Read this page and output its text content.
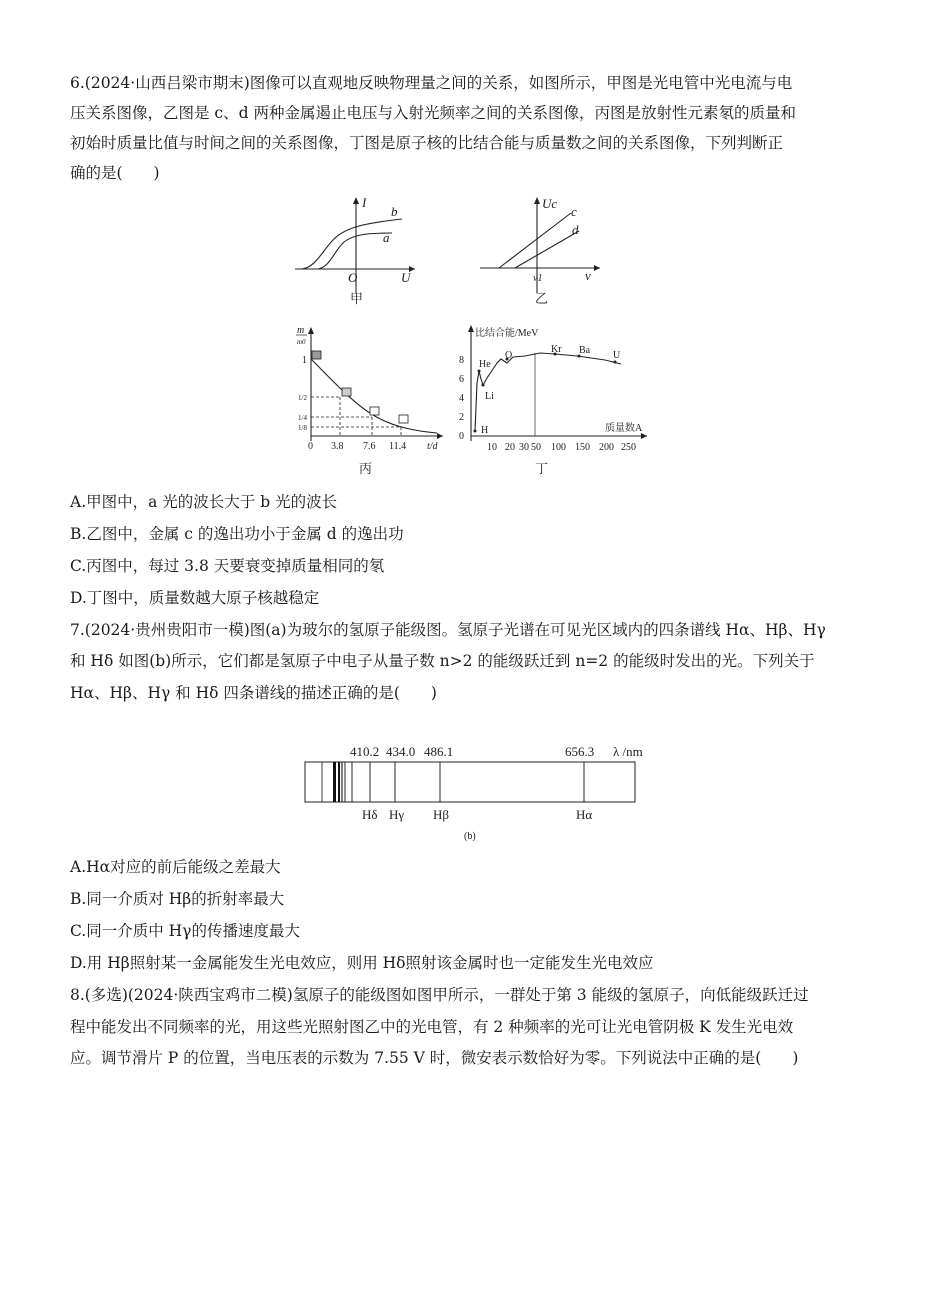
6.(2024·山西吕梁市期末)图像可以直观地反映物理量之间的关系，如图所示，甲图是光电管中光电流与电
压关系图像，乙图是 c、d 两种金属遏止电压与入射光频率之间的关系图像，丙图是放射性元素氡的质量和
初始时质量比值与时间之间的关系图像，丁图是原子核的比结合能与质量数之间的关系图像，下列判断正
确的是(　　)
I
U
O
b
a
甲
Uc
ν
ν1
c
d
乙
m
m0
1
1/2
1/4
1/8
0 3.8 7.6 11.4 t/d
丙
比结合能/MeV
8
6
4
2
0
He
O
Kr Ba U
Li
H	质量数A
10 20 30 50 100 150 200 250
丁
A.甲图中，a 光的波长大于 b 光的波长
B.乙图中，金属 c 的逸出功小于金属 d 的逸出功
C.丙图中，每过 3.8 天要衰变掉质量相同的氡
D.丁图中，质量数越大原子核越稳定
7.(2024·贵州贵阳市一模)图(a)为玻尔的氢原子能级图。氢原子光谱在可见光区域内的四条谱线 Hα、Hβ、Hγ
和 Hδ 如图(b)所示，它们都是氢原子中电子从量子数 n>2 的能级跃迁到 n=2 的能级时发出的光。下列关于
Hα、Hβ、Hγ 和 Hδ 四条谱线的描述正确的是(　　)
410.2 434.0 486.1	656.3 λ /nm
Hδ Hγ Hβ	Hα
(b)
A.Hα对应的前后能级之差最大
B.同一介质对 Hβ的折射率最大
C.同一介质中 Hγ的传播速度最大
D.用 Hβ照射某一金属能发生光电效应，则用 Hδ照射该金属时也一定能发生光电效应
8.(多选)(2024·陕西宝鸡市二模)氢原子的能级图如图甲所示，一群处于第 3 能级的氢原子，向低能级跃迁过
程中能发出不同频率的光，用这些光照射图乙中的光电管，有 2 种频率的光可让光电管阴极 K 发生光电效
应。调节滑片 P 的位置，当电压表的示数为 7.55 V 时，微安表示数恰好为零。下列说法中正确的是(　　)
